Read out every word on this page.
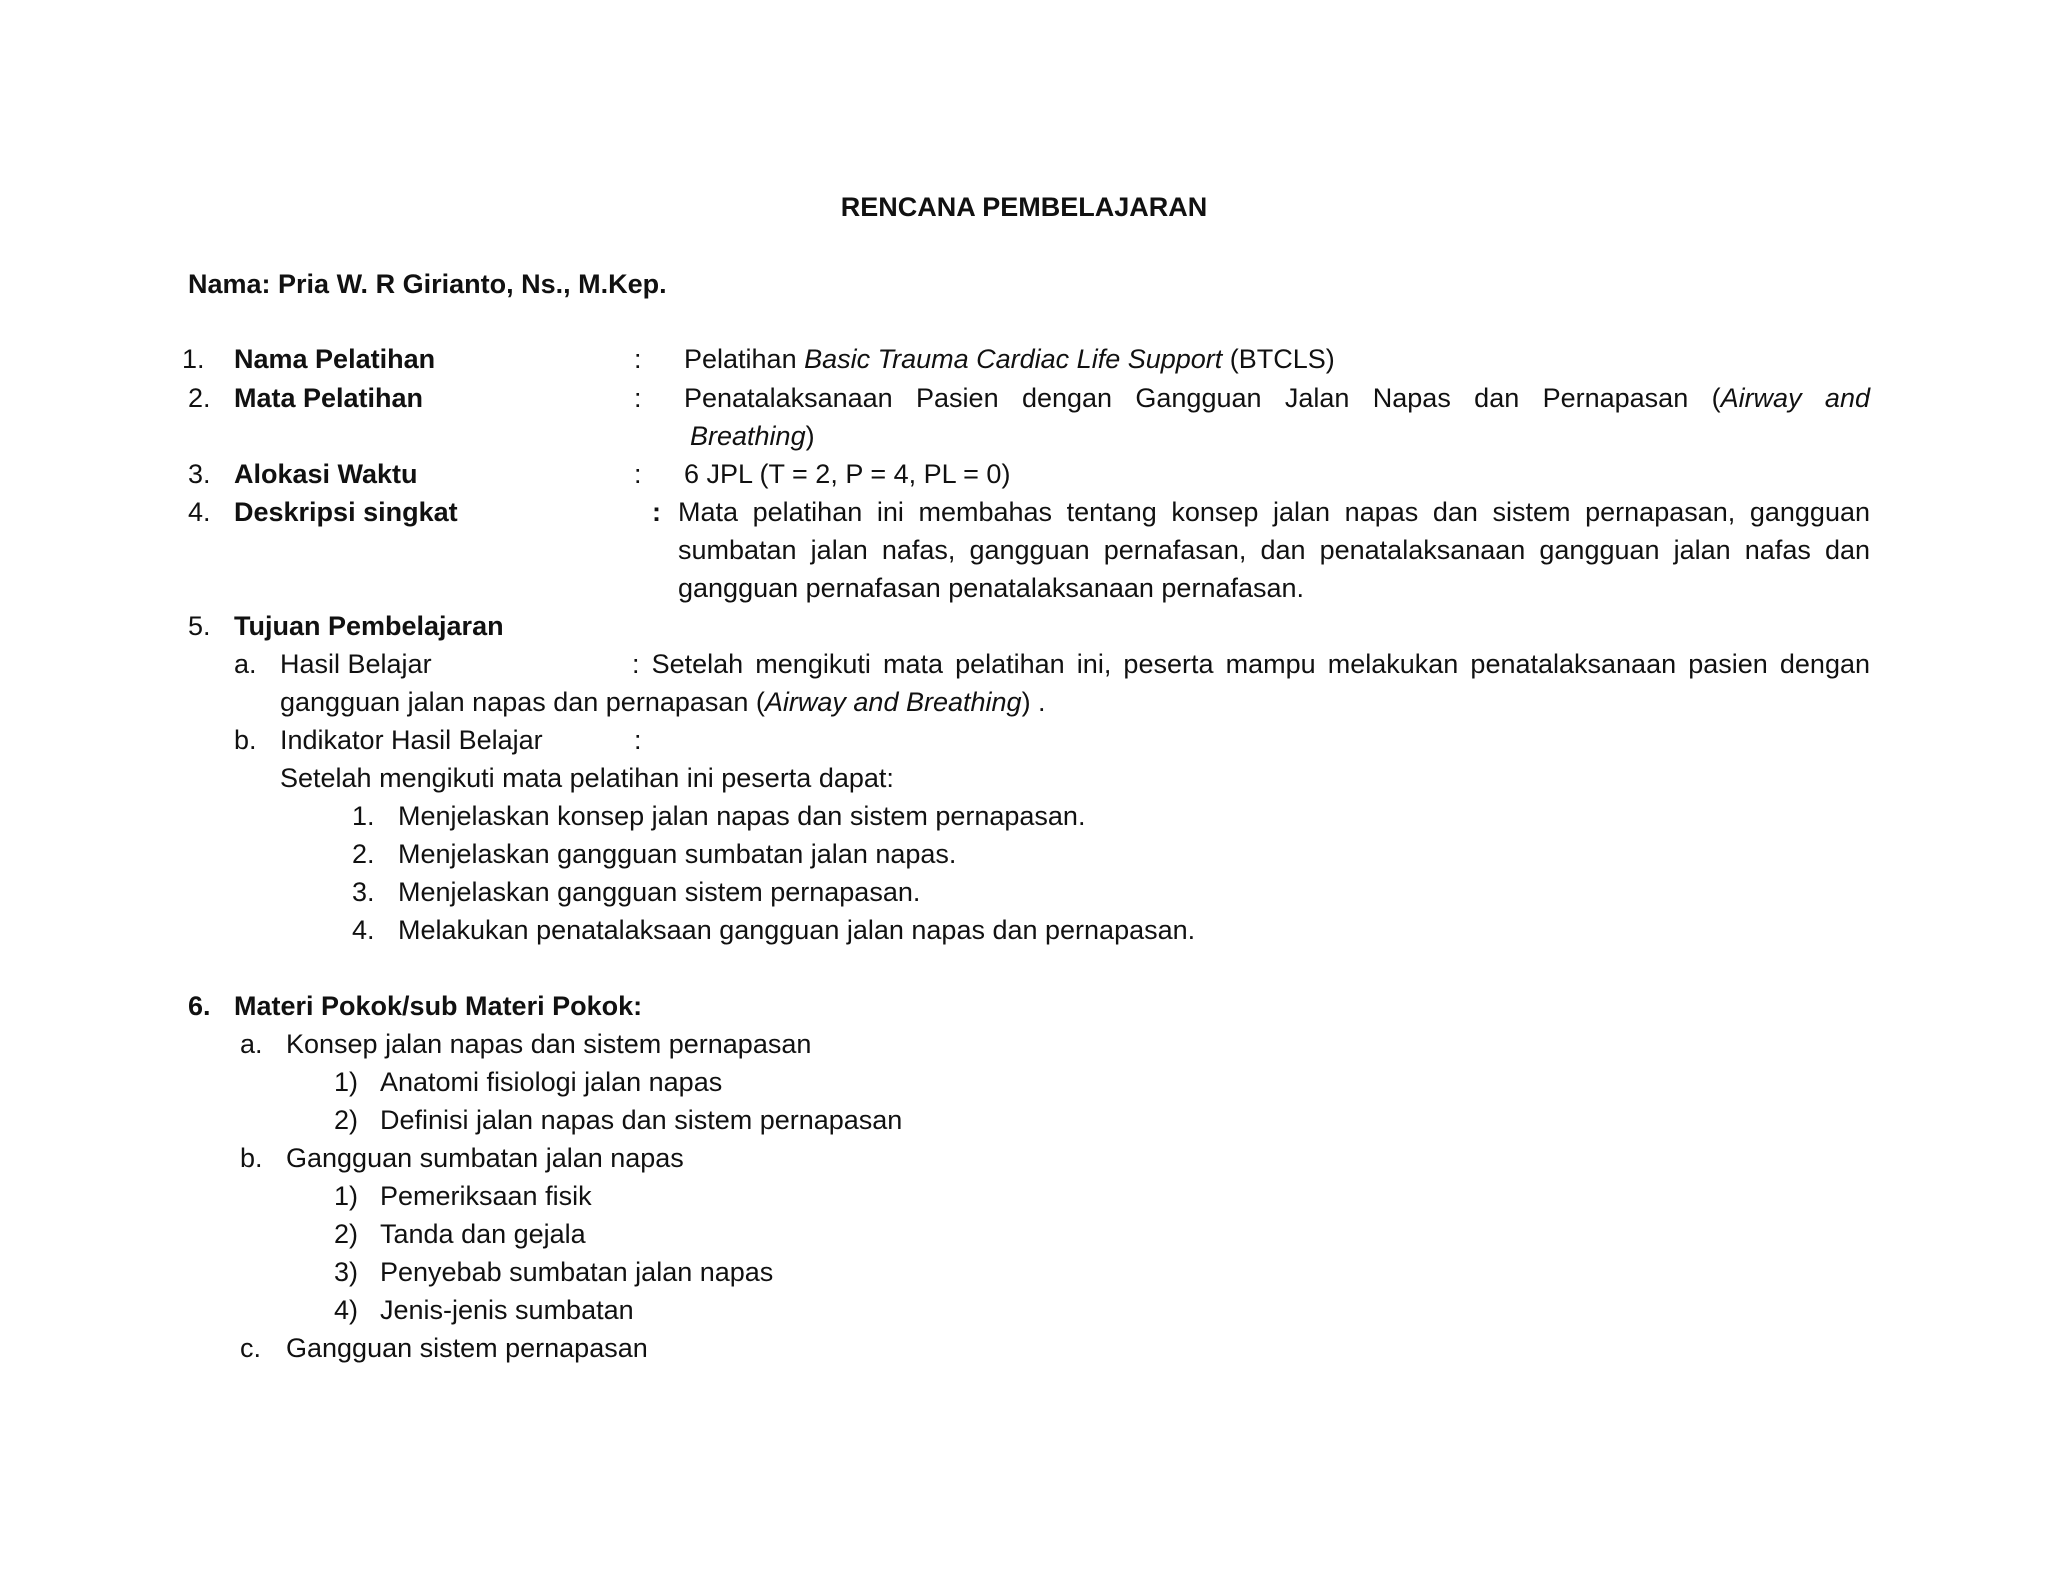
RENCANA PEMBELAJARAN
Nama: Pria W. R Girianto, Ns., M.Kep.
1. Nama Pelatihan	: Pelatihan Basic Trauma Cardiac Life Support (BTCLS)
2. Mata Pelatihan	: Penatalaksanaan Pasien dengan Gangguan Jalan Napas dan Pernapasan (Airway and
Breathing)
3. Alokasi Waktu	: 6 JPL (T = 2, P = 4, PL = 0)
4. Deskripsi singkat	: Mata pelatihan ini membahas tentang konsep jalan napas dan sistem pernapasan, gangguan
sumbatan jalan nafas, gangguan pernafasan, dan penatalaksanaan gangguan jalan nafas dan
gangguan pernafasan penatalaksanaan pernafasan.
5. Tujuan Pembelajaran
a. Hasil Belajar	: Setelah mengikuti mata pelatihan ini, peserta mampu melakukan penatalaksanaan pasien dengan
gangguan jalan napas dan pernapasan (Airway and Breathing) .
b. Indikator Hasil Belajar	:
Setelah mengikuti mata pelatihan ini peserta dapat:
1. Menjelaskan konsep jalan napas dan sistem pernapasan.
2. Menjelaskan gangguan sumbatan jalan napas.
3. Menjelaskan gangguan sistem pernapasan.
4. Melakukan penatalaksaan gangguan jalan napas dan pernapasan.
6. Materi Pokok/sub Materi Pokok:
a. Konsep jalan napas dan sistem pernapasan
1) Anatomi fisiologi jalan napas
2) Definisi jalan napas dan sistem pernapasan
b. Gangguan sumbatan jalan napas
1) Pemeriksaan fisik
2) Tanda dan gejala
3) Penyebab sumbatan jalan napas
4) Jenis-jenis sumbatan
c. Gangguan sistem pernapasan
